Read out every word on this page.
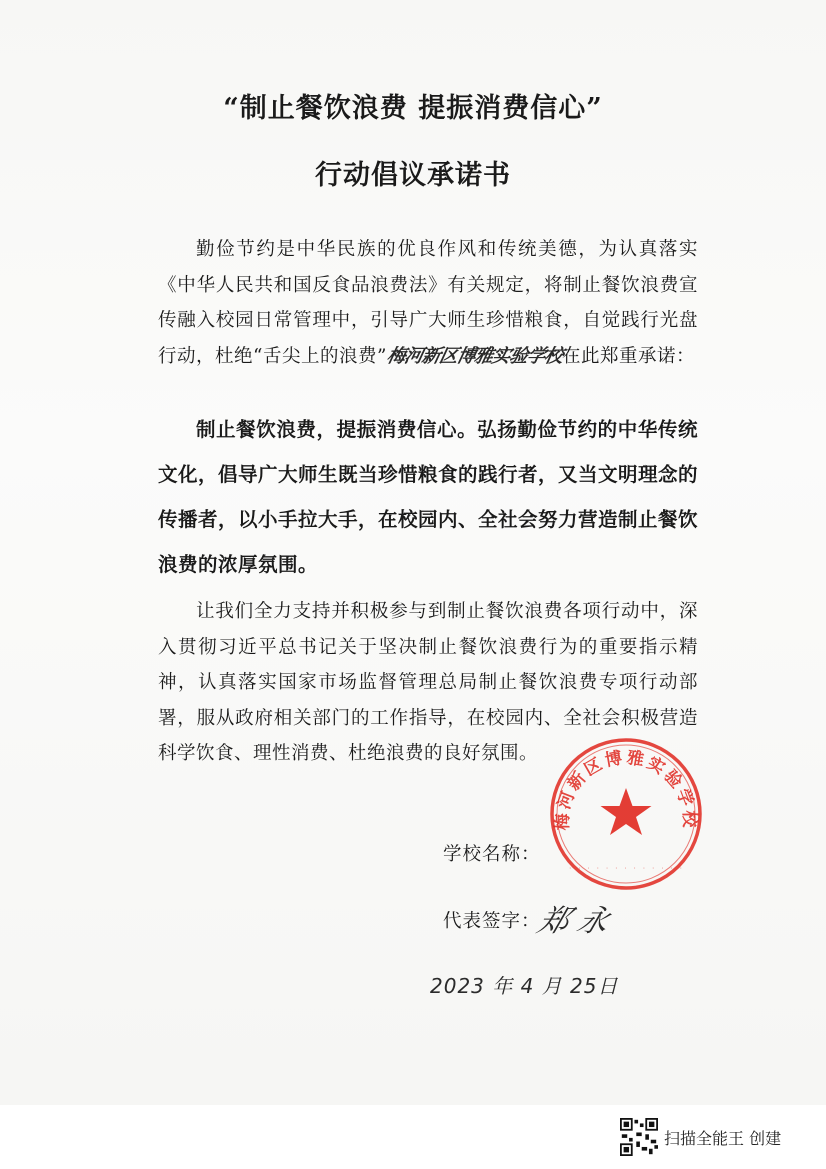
“制止餐饮浪费 提振消费信心”
行动倡议承诺书

勤俭节约是中华民族的优良作风和传统美德，为认真落实《中华人民共和国反食品浪费法》有关规定，将制止餐饮浪费宣传融入校园日常管理中，引导广大师生珍惜粮食，自觉践行光盘行动，杜绝“舌尖上的浪费”梅河新区博雅实验学校在此郑重承诺：

制止餐饮浪费，提振消费信心。弘扬勤俭节约的中华传统文化，倡导广大师生既当珍惜粮食的践行者，又当文明理念的传播者，以小手拉大手，在校园内、全社会努力营造制止餐饮浪费的浓厚氛围。

让我们全力支持并积极参与到制止餐饮浪费各项行动中，深入贯彻习近平总书记关于坚决制止餐饮浪费行为的重要指示精神，认真落实国家市场监督管理总局制止餐饮浪费专项行动部署，服从政府相关部门的工作指导，在校园内、全社会积极营造科学饮食、理性消费、杜绝浪费的良好氛围。

梅河新区博雅实验学校
· · · · · · · · · · · · ·
学校名称：
代表签字：
郑 永
2023 年 4 月 25日
扫描全能王 创建
